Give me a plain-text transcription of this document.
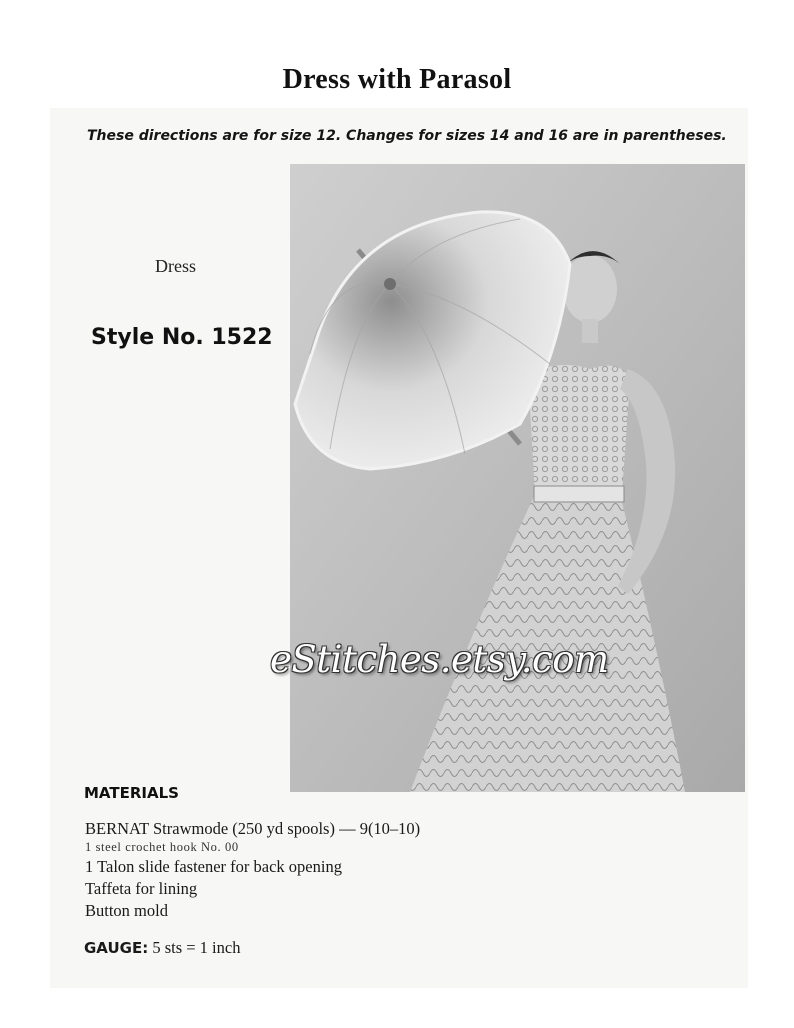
Dress with Parasol
These directions are for size 12. Changes for sizes 14 and 16 are in parentheses.
Dress
Style No. 1522
eStitches.etsy.com
MATERIALS
BERNAT Strawmode (250 yd spools) — 9(10–10)
1 steel crochet hook No. 00
1 Talon slide fastener for back opening
Taffeta for lining
Button mold
GAUGE: 5 sts = 1 inch
